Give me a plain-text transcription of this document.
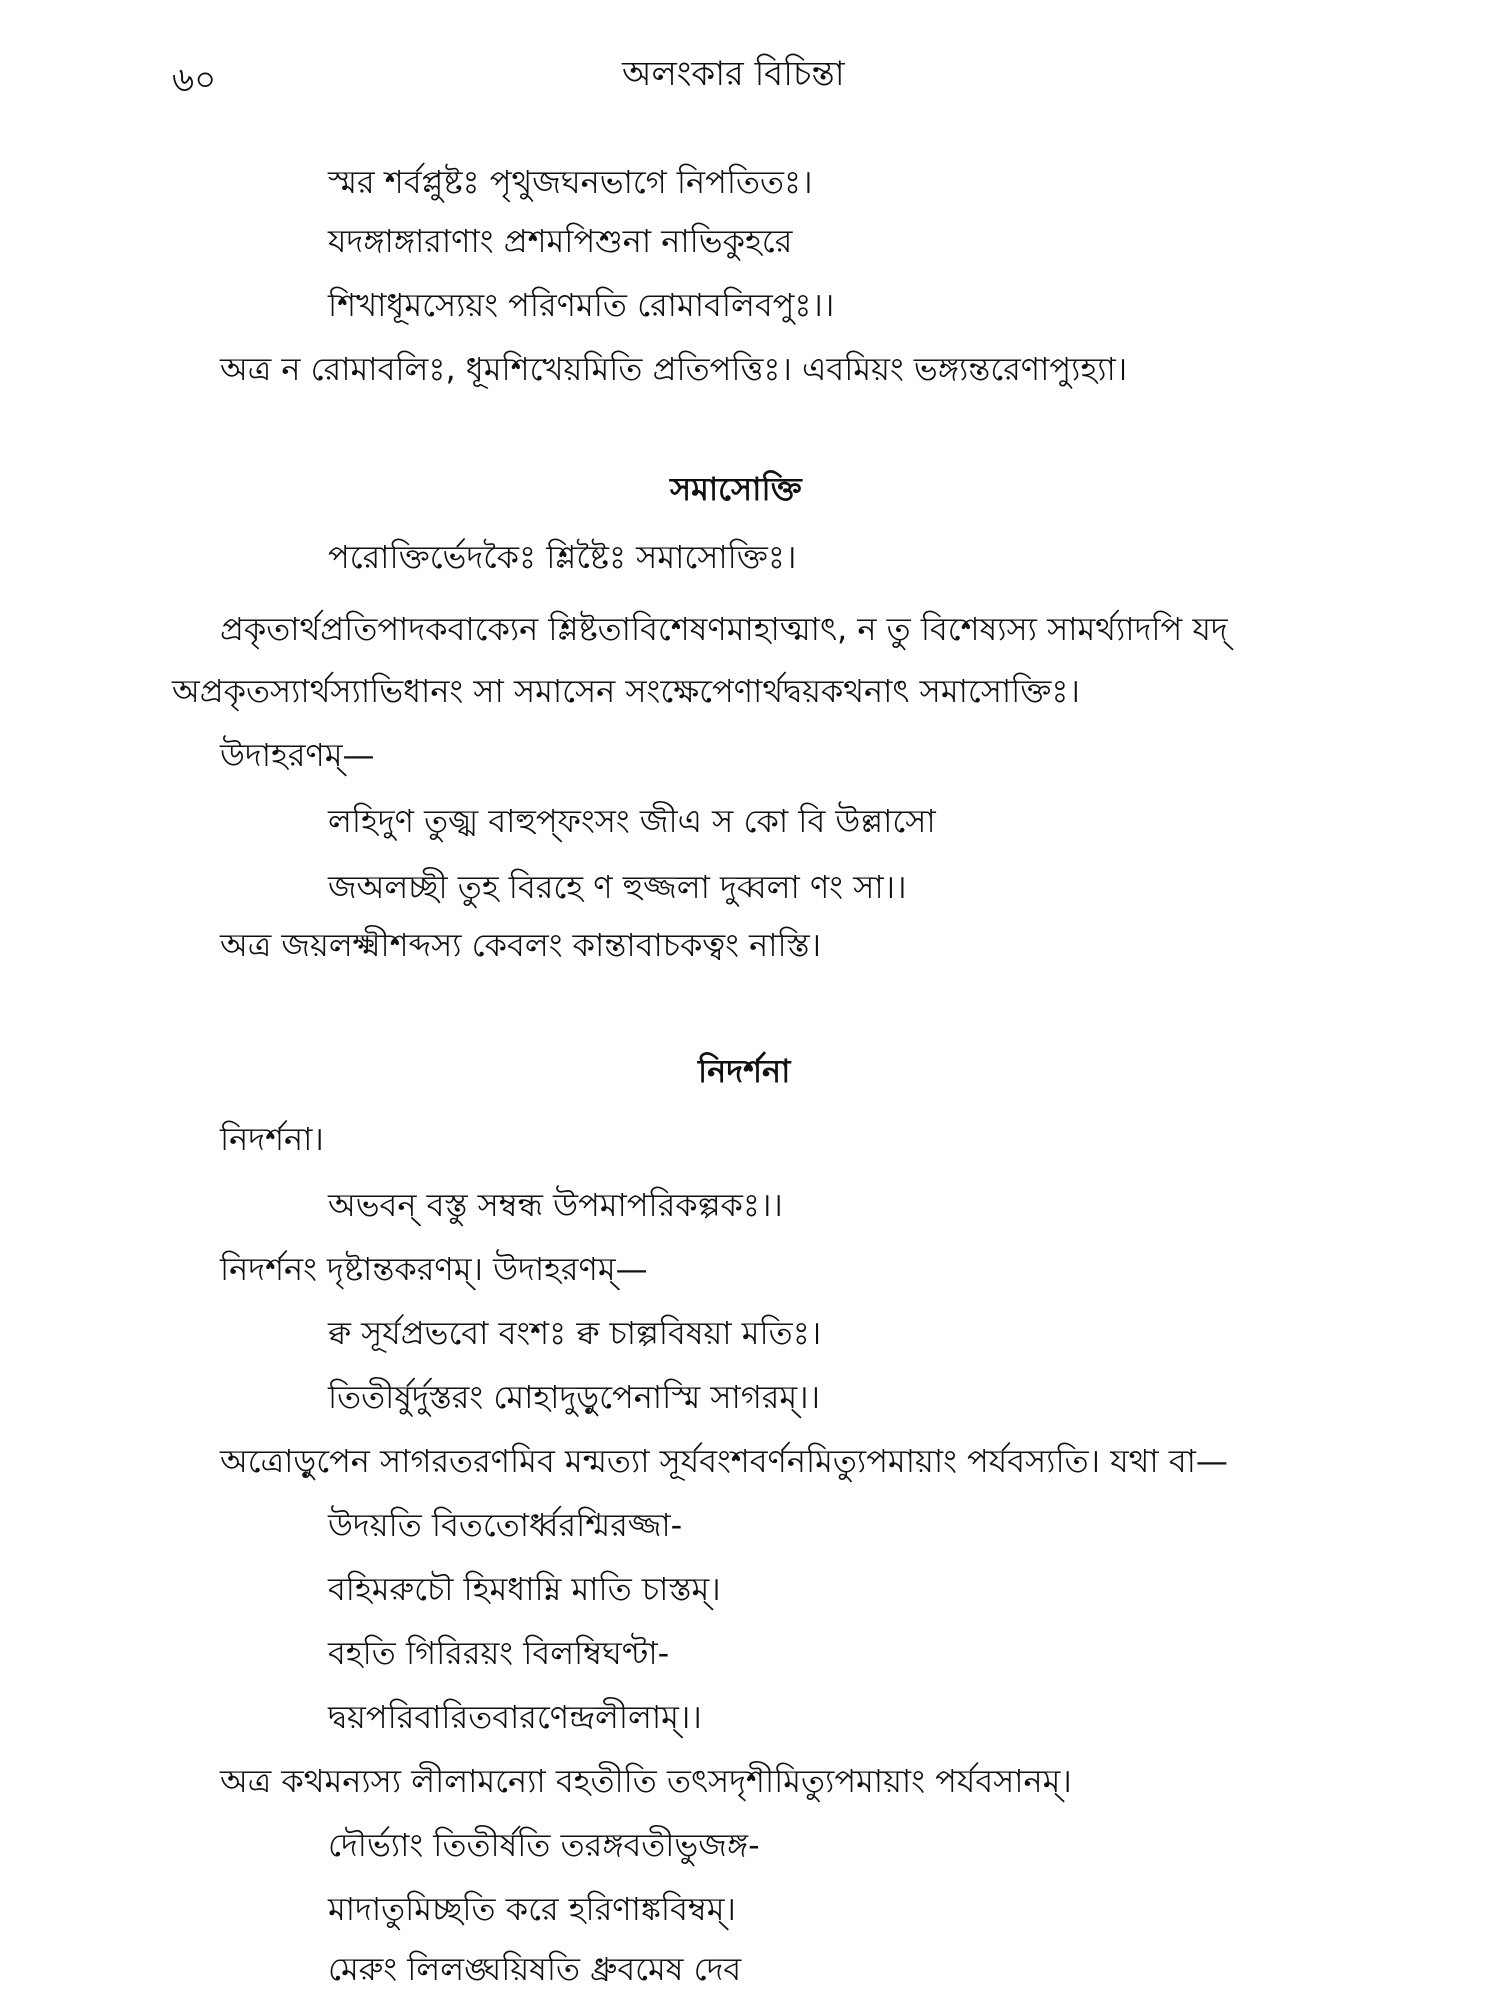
৬০	অলংকার বিচিন্তা
স্মর শর্বপ্লুষ্টঃ পৃথুজঘনভাগে নিপতিতঃ।
যদঙ্গাঙ্গারাণাং প্রশমপিশুনা নাভিকুহরে
শিখাধূমস্যেয়ং পরিণমতি রোমাবলিবপুঃ।।
অত্র ন রোমাবলিঃ, ধূমশিখেয়মিতি প্রতিপত্তিঃ। এবমিয়ং ভঙ্গ্যন্তরেণাপ্যুহ্যা।
সমাসোক্তি
পরোক্তির্ভেদকৈঃ শ্লিষ্টৈঃ সমাসোক্তিঃ।
প্রকৃতার্থপ্রতিপাদকবাক্যেন শ্লিষ্টতাবিশেষণমাহাত্মাৎ, ন তু বিশেষ্যস্য সামর্থ্যাদপি যদ্
অপ্রকৃতস্যার্থস্যাভিধানং সা সমাসেন সংক্ষেপেণার্থদ্বয়কথনাৎ সমাসোক্তিঃ।
উদাহরণম্—
লহিদুণ তুজ্ঝ বাহুপ্‌ফংসং জীএ স কো বি উল্লাসো
জঅলচ্ছী তুহ বিরহে ণ হুজ্জলা দুব্বলা ণং সা।।
অত্র জয়লক্ষ্মীশব্দস্য কেবলং কান্তাবাচকত্বং নাস্তি।
নিদর্শনা
নিদর্শনা।
অভবন্ বস্তু সম্বন্ধ উপমাপরিকল্পকঃ।।
নিদর্শনং দৃষ্টান্তকরণম্। উদাহরণম্—
ক্ব সূর্যপ্রভবো বংশঃ ক্ব চাল্পবিষয়া মতিঃ।
তিতীর্ষুর্দুস্তরং মোহাদুড়ুপেনাস্মি সাগরম্।।
অত্রোড়ুপেন সাগরতরণমিব মন্মত্যা সূর্যবংশবর্ণনমিত্যুপমায়াং পর্যবস্যতি। যথা বা—
উদয়তি বিততোর্ধ্বরশ্মিরজ্জা-
বহিমরুচৌ হিমধাম্নি মাতি চাস্তম্।
বহতি গিরিরয়ং বিলম্বিঘণ্টা-
দ্বয়পরিবারিতবারণেন্দ্রলীলাম্।।
অত্র কথমন্যস্য লীলামন্যো বহতীতি তৎসদৃশীমিত্যুপমায়াং পর্যবসানম্।
দৌর্ভ্যাং তিতীর্ষতি তরঙ্গবতীভুজঙ্গ-
মাদাতুমিচ্ছতি করে হরিণাঙ্কবিম্বম্।
মেরুং লিলঙ্ঘয়িষতি ধ্রুবমেষ দেব
